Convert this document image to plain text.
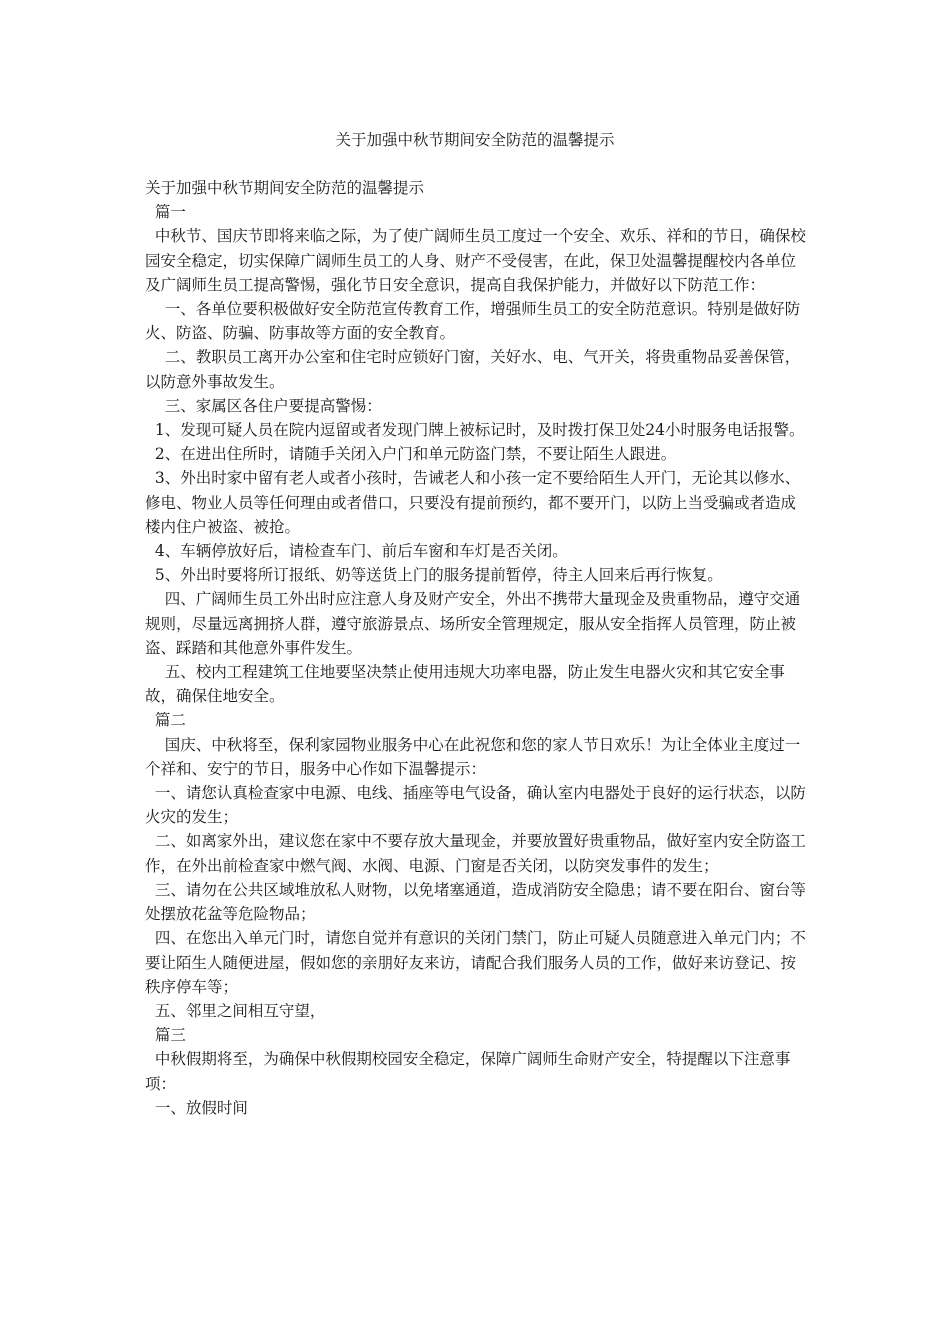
关于加强中秋节期间安全防范的温馨提示

关于加强中秋节期间安全防范的温馨提示

篇一

中秋节、国庆节即将来临之际，为了使广阔师生员工度过一个安全、欢乐、祥和的节日，确保校园安全稳定，切实保障广阔师生员工的人身、财产不受侵害，在此，保卫处温馨提醒校内各单位及广阔师生员工提高警惕，强化节日安全意识，提高自我保护能力，并做好以下防范工作：

一、各单位要积极做好安全防范宣传教育工作，增强师生员工的安全防范意识。特别是做好防火、防盗、防骗、防事故等方面的安全教育。

二、教职员工离开办公室和住宅时应锁好门窗，关好水、电、气开关，将贵重物品妥善保管，以防意外事故发生。

三、家属区各住户要提高警惕：

1、发现可疑人员在院内逗留或者发现门牌上被标记时，及时拨打保卫处24小时服务电话报警。

2、在进出住所时，请随手关闭入户门和单元防盗门禁，不要让陌生人跟进。

3、外出时家中留有老人或者小孩时，告诫老人和小孩一定不要给陌生人开门，无论其以修水、修电、物业人员等任何理由或者借口，只要没有提前预约，都不要开门，以防上当受骗或者造成楼内住户被盗、被抢。

4、车辆停放好后，请检查车门、前后车窗和车灯是否关闭。

5、外出时要将所订报纸、奶等送货上门的服务提前暂停，待主人回来后再行恢复。

四、广阔师生员工外出时应注意人身及财产安全，外出不携带大量现金及贵重物品，遵守交通规则，尽量远离拥挤人群，遵守旅游景点、场所安全管理规定，服从安全指挥人员管理，防止被盗、踩踏和其他意外事件发生。

五、校内工程建筑工住地要坚决禁止使用违规大功率电器，防止发生电器火灾和其它安全事故，确保住地安全。

篇二

国庆、中秋将至，保利家园物业服务中心在此祝您和您的家人节日欢乐！为让全体业主度过一个祥和、安宁的节日，服务中心作如下温馨提示：

一、请您认真检查家中电源、电线、插座等电气设备，确认室内电器处于良好的运行状态，以防火灾的发生；

二、如离家外出，建议您在家中不要存放大量现金，并要放置好贵重物品，做好室内安全防盗工作，在外出前检查家中燃气阀、水阀、电源、门窗是否关闭，以防突发事件的发生；

三、请勿在公共区域堆放私人财物，以免堵塞通道，造成消防安全隐患；请不要在阳台、窗台等处摆放花盆等危险物品；

四、在您出入单元门时，请您自觉并有意识的关闭门禁门，防止可疑人员随意进入单元门内；不要让陌生人随便进屋，假如您的亲朋好友来访，请配合我们服务人员的工作，做好来访登记、按秩序停车等；

五、邻里之间相互守望，

篇三

中秋假期将至，为确保中秋假期校园安全稳定，保障广阔师生命财产安全，特提醒以下注意事项：

一、放假时间
